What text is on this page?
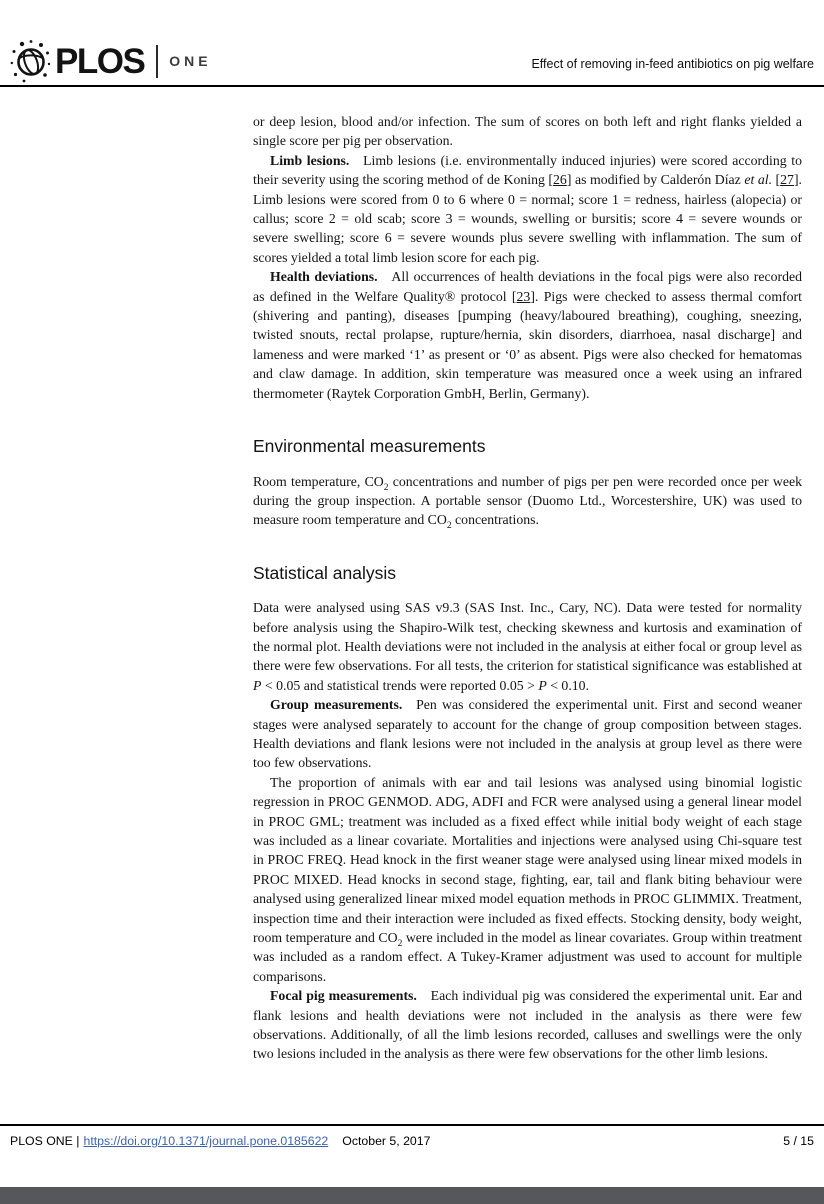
PLOS ONE	Effect of removing in-feed antibiotics on pig welfare

or deep lesion, blood and/or infection. The sum of scores on both left and right flanks yielded a single score per pig per observation.

Limb lesions. Limb lesions (i.e. environmentally induced injuries) were scored according to their severity using the scoring method of de Koning [26] as modified by Calderón Díaz et al. [27]. Limb lesions were scored from 0 to 6 where 0 = normal; score 1 = redness, hairless (alopecia) or callus; score 2 = old scab; score 3 = wounds, swelling or bursitis; score 4 = severe wounds or severe swelling; score 6 = severe wounds plus severe swelling with inflammation. The sum of scores yielded a total limb lesion score for each pig.

Health deviations. All occurrences of health deviations in the focal pigs were also recorded as defined in the Welfare Quality® protocol [23]. Pigs were checked to assess thermal comfort (shivering and panting), diseases [pumping (heavy/laboured breathing), coughing, sneezing, twisted snouts, rectal prolapse, rupture/hernia, skin disorders, diarrhoea, nasal discharge] and lameness and were marked ‘1’ as present or ‘0’ as absent. Pigs were also checked for hematomas and claw damage. In addition, skin temperature was measured once a week using an infrared thermometer (Raytek Corporation GmbH, Berlin, Germany).

Environmental measurements

Room temperature, $CO_2$ concentrations and number of pigs per pen were recorded once per week during the group inspection. A portable sensor (Duomo Ltd., Worcestershire, UK) was used to measure room temperature and $CO_2$ concentrations.

Statistical analysis

Data were analysed using SAS v9.3 (SAS Inst. Inc., Cary, NC). Data were tested for normality before analysis using the Shapiro-Wilk test, checking skewness and kurtosis and examination of the normal plot. Health deviations were not included in the analysis at either focal or group level as there were few observations. For all tests, the criterion for statistical significance was established at P < 0.05 and statistical trends were reported 0.05 > P < 0.10.

Group measurements. Pen was considered the experimental unit. First and second weaner stages were analysed separately to account for the change of group composition between stages. Health deviations and flank lesions were not included in the analysis at group level as there were too few observations.

The proportion of animals with ear and tail lesions was analysed using binomial logistic regression in PROC GENMOD. ADG, ADFI and FCR were analysed using a general linear model in PROC GML; treatment was included as a fixed effect while initial body weight of each stage was included as a linear covariate. Mortalities and injections were analysed using Chi-square test in PROC FREQ. Head knock in the first weaner stage were analysed using linear mixed models in PROC MIXED. Head knocks in second stage, fighting, ear, tail and flank biting behaviour were analysed using generalized linear mixed model equation methods in PROC GLIMMIX. Treatment, inspection time and their interaction were included as fixed effects. Stocking density, body weight, room temperature and $CO_2$ were included in the model as linear covariates. Group within treatment was included as a random effect. A Tukey-Kramer adjustment was used to account for multiple comparisons.

Focal pig measurements. Each individual pig was considered the experimental unit. Ear and flank lesions and health deviations were not included in the analysis as there were few observations. Additionally, of all the limb lesions recorded, calluses and swellings were the only two lesions included in the analysis as there were few observations for the other limb lesions.

PLOS ONE | https://doi.org/10.1371/journal.pone.0185622 October 5, 2017	5 / 15
